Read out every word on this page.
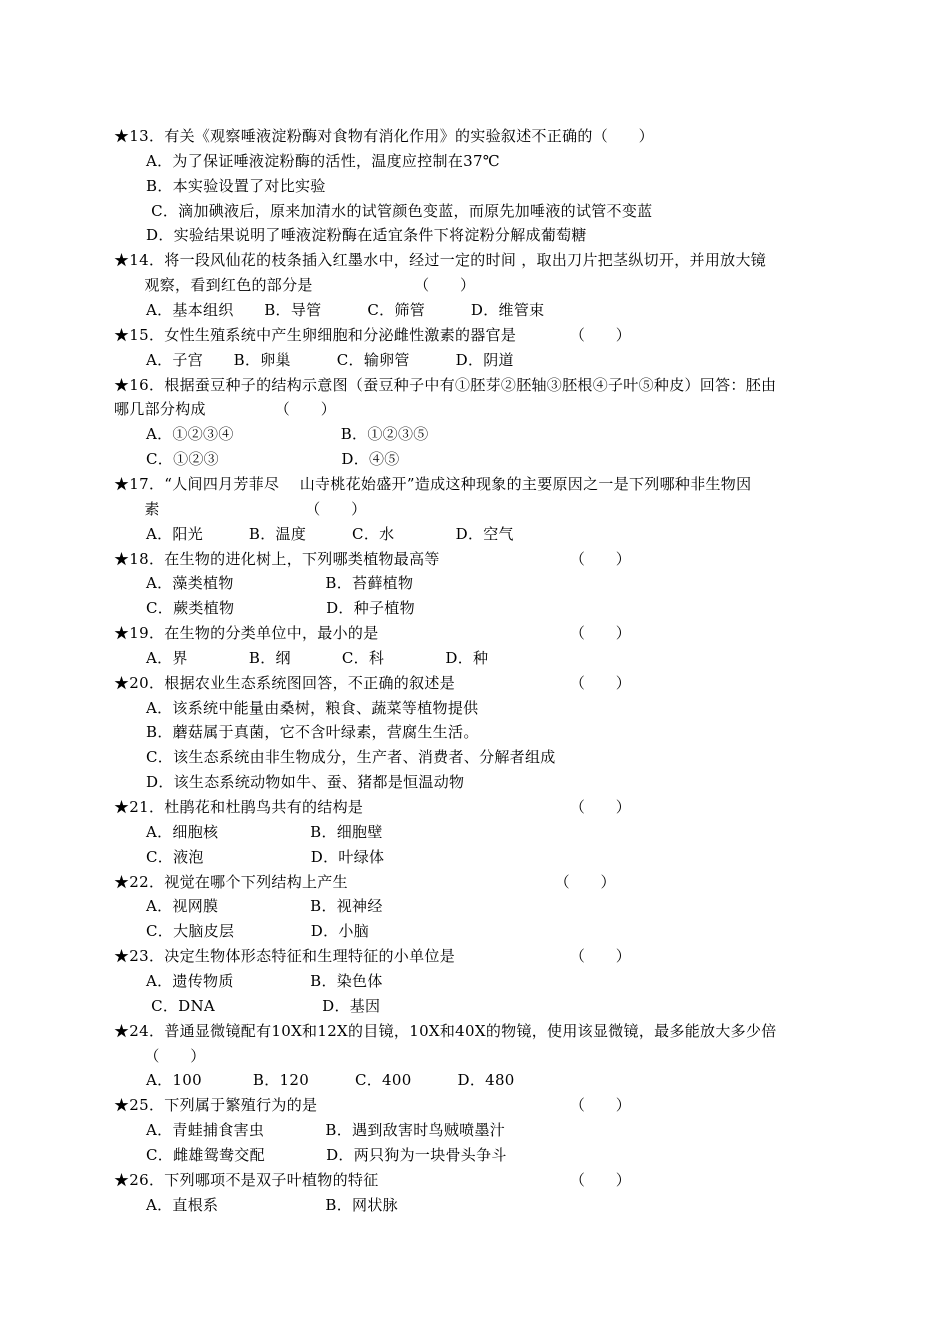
★13．有关《观察唾液淀粉酶对食物有消化作用》的实验叙述不正确的（　　）
A．为了保证唾液淀粉酶的活性，温度应控制在37℃
B．本实验设置了对比实验
C．滴加碘液后，原来加清水的试管颜色变蓝，而原先加唾液的试管不变蓝
D．实验结果说明了唾液淀粉酶在适宜条件下将淀粉分解成葡萄糖
★14．将一段风仙花的枝条插入红墨水中，经过一定的时间 ，取出刀片把茎纵切开，并用放大镜
观察，看到红色的部分是                    （　　）
A．基本组织　　B．导管　　　C．筛管　　　D．维管束
★15．女性生殖系统中产生卵细胞和分泌雌性激素的器官是　　　　（　　）
A．子宫　　B．卵巢　　　C．输卵管　　　D．阴道
★16．根据蚕豆种子的结构示意图（蚕豆种子中有①胚芽②胚轴③胚根④子叶⑤种皮）回答：胚由
哪几部分构成　　　　　（　　）
A．①②③④　　　　　　　B．①②③⑤
C．①②③　　　　　　　　D．④⑤
★17．“人间四月芳菲尽　 山寺桃花始盛开”造成这种现象的主要原因之一是下列哪种非生物因
素　　　　　　　　　　（　　）
A．阳光　　　B．温度　　　C．水　　　　D．空气
★18．在生物的进化树上，下列哪类植物最高等　　　　　　　　　（　　）
A．藻类植物　　　　　　B．苔藓植物
C．蕨类植物　　　　　　D．种子植物
★19．在生物的分类单位中，最小的是　　　　　　　　　　　　　（　　）
A．界　　　　B．纲　　　 C．科　　　　D．种
★20．根据农业生态系统图回答，不正确的叙述是　　　　　　　　（　　）
A．该系统中能量由桑树，粮食、蔬菜等植物提供
B．蘑菇属于真菌，它不含叶绿素，营腐生生活。
C．该生态系统由非生物成分，生产者、消费者、分解者组成
D．该生态系统动物如牛、蚕、猪都是恒温动物
★21．杜鹃花和杜鹃鸟共有的结构是　　　　　　　　　　　　　　（　　）
A．细胞核　　　　　　B．细胞壁
C．液泡　　　　　　　D．叶绿体
★22．视觉在哪个下列结构上产生　　　　　　　　　　　　　　（　　）
A．视网膜　　　　　　B．视神经
C．大脑皮层　　　　　D．小脑
★23．决定生物体形态特征和生理特征的小单位是　　　　　　　　（　　）
A．遗传物质　　　　　B．染色体
C．DNA　　　　　　　D．基因
★24．普通显微镜配有10X和12X的目镜，10X和40X的物镜，使用该显微镜，最多能放大多少倍
（　　）
A．100　　　 B．120　　　C．400　　　D．480
★25．下列属于繁殖行为的是　　　　　　　　　　　　　　　　　（　　）
A．青蛙捕食害虫　　　　B．遇到敌害时鸟贼喷墨汁
C．雌雄鸳鸯交配　　　　D．两只狗为一块骨头争斗
★26．下列哪项不是双子叶植物的特征　　　　　　　　　　　　　（　　）
A．直根系　　　　　　　B．网状脉
